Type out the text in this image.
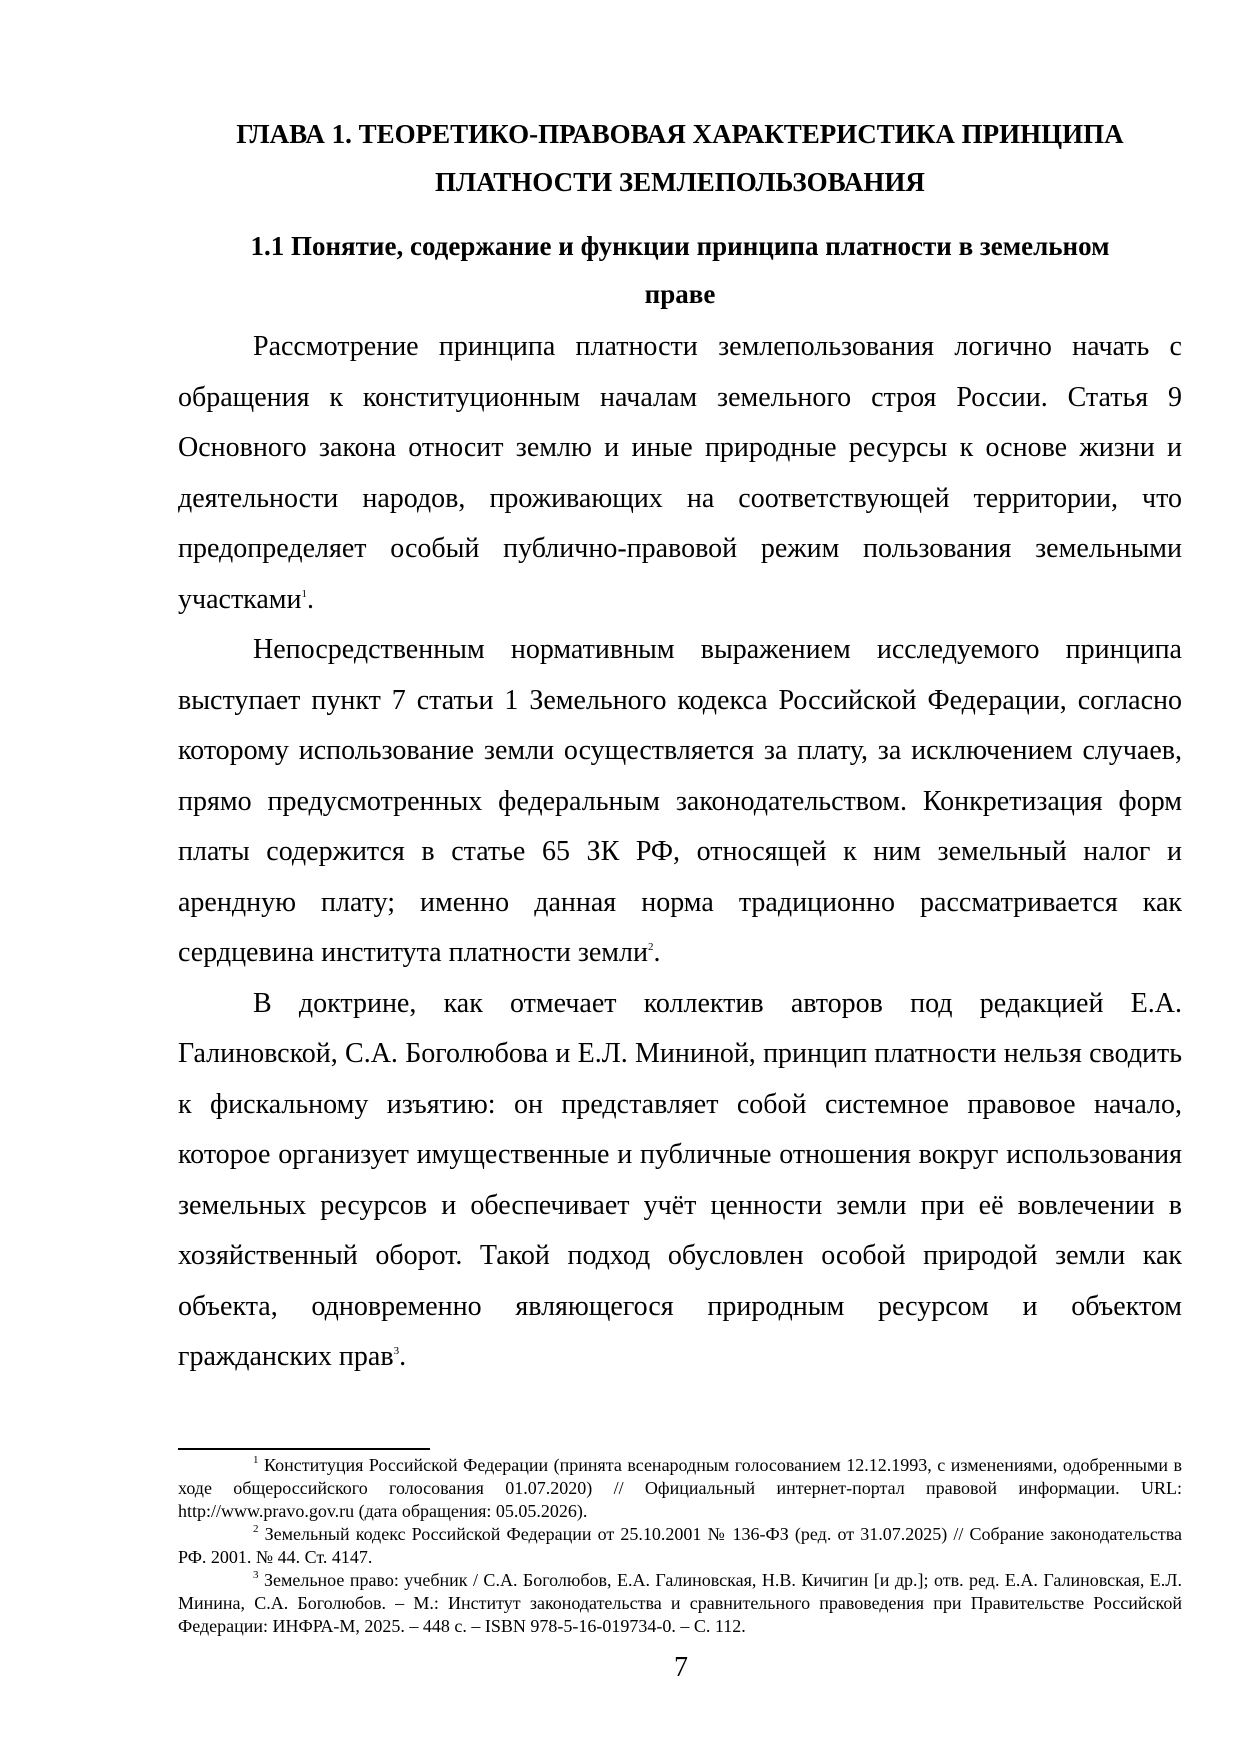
ГЛАВА 1. ТЕОРЕТИКО-ПРАВОВАЯ ХАРАКТЕРИСТИКА ПРИНЦИПА
ПЛАТНОСТИ ЗЕМЛЕПОЛЬЗОВАНИЯ
1.1 Понятие, содержание и функции принципа платности в земельном
праве

Рассмотрение принципа платности землепользования логично начать с обращения к конституционным началам земельного строя России. Статья 9 Основного закона относит землю и иные природные ресурсы к основе жизни и деятельности народов, проживающих на соответствующей территории, что предопределяет особый публично-правовой режим пользования земельными участками$^1$.

Непосредственным нормативным выражением исследуемого принципа выступает пункт 7 статьи 1 Земельного кодекса Российской Федерации, согласно которому использование земли осуществляется за плату, за исключением случаев, прямо предусмотренных федеральным законодательством. Конкретизация форм платы содержится в статье 65 ЗК РФ, относящей к ним земельный налог и арендную плату; именно данная норма традиционно рассматривается как сердцевина института платности земли$^2$.

В доктрине, как отмечает коллектив авторов под редакцией Е.А. Галиновской, С.А. Боголюбова и Е.Л. Мининой, принцип платности нельзя сводить к фискальному изъятию: он представляет собой системное правовое начало, которое организует имущественные и публичные отношения вокруг использования земельных ресурсов и обеспечивает учёт ценности земли при её вовлечении в хозяйственный оборот. Такой подход обусловлен особой природой земли как объекта, одновременно являющегося природным ресурсом и объектом гражданских прав$^3$.

$^1$ Конституция Российской Федерации (принята всенародным голосованием 12.12.1993, с изменениями, одобренными в ходе общероссийского голосования 01.07.2020) // Официальный интернет-портал правовой информации. URL: http://www.pravo.gov.ru (дата обращения: 05.05.2026).

$^2$ Земельный кодекс Российской Федерации от 25.10.2001 № 136-ФЗ (ред. от 31.07.2025) // Собрание законодательства РФ. 2001. № 44. Ст. 4147.

$^3$ Земельное право: учебник / С.А. Боголюбов, Е.А. Галиновская, Н.В. Кичигин [и др.]; отв. ред. Е.А. Галиновская, Е.Л. Минина, С.А. Боголюбов. – М.: Институт законодательства и сравнительного правоведения при Правительстве Российской Федерации: ИНФРА-М, 2025. – 448 с. – ISBN 978-5-16-019734-0. – С. 112.

7
